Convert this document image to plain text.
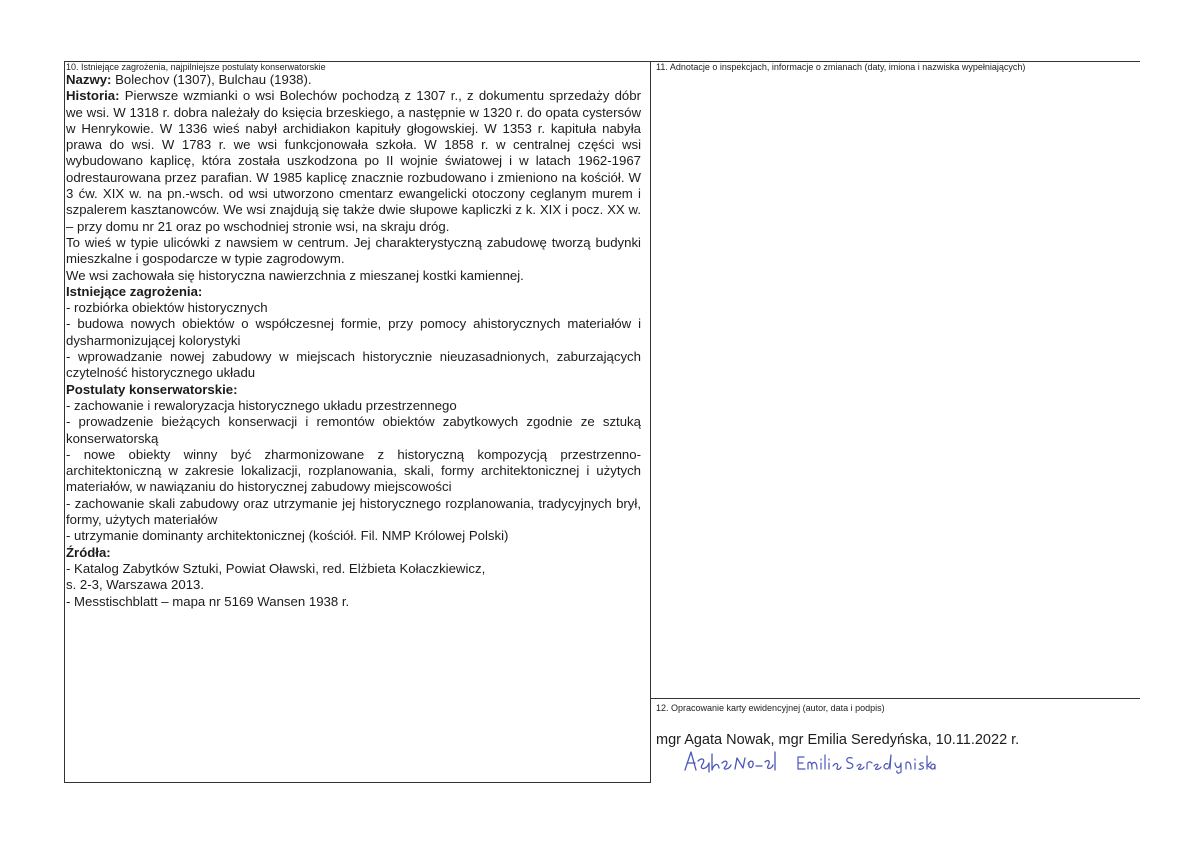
10. Istniejące zagrożenia, najpilniejsze postulaty konserwatorskie	11. Adnotacje o inspekcjach, informacje o zmianach (daty, imiona i nazwiska wypełniających)
12. Opracowanie karty ewidencyjnej (autor, data i podpis)

Nazwy: Bolechov (1307), Bulchau (1938).

Historia: Pierwsze wzmianki o wsi Bolechów pochodzą z 1307 r., z dokumentu sprzedaży dóbr we wsi. W 1318 r. dobra należały do księcia brzeskiego, a następnie w 1320 r. do opata cystersów w Henrykowie. W 1336 wieś nabył archidiakon kapituły głogowskiej. W 1353 r. kapituła nabyła prawa do wsi. W 1783 r. we wsi funkcjonowała szkoła. W 1858 r. w centralnej części wsi wybudowano kaplicę, która została uszkodzona po II wojnie światowej i w latach 1962-1967 odrestaurowana przez parafian. W 1985 kaplicę znacznie rozbudowano i zmieniono na kościół. W 3 ćw. XIX w. na pn.-wsch. od wsi utworzono cmentarz ewangelicki otoczony ceglanym murem i szpalerem kasztanowców. We wsi znajdują się także dwie słupowe kapliczki z k. XIX i pocz. XX w. – przy domu nr 21 oraz po wschodniej stronie wsi, na skraju dróg.

To wieś w typie ulicówki z nawsiem w centrum. Jej charakterystyczną zabudowę tworzą budynki mieszkalne i gospodarcze w typie zagrodowym.

We wsi zachowała się historyczna nawierzchnia z mieszanej kostki kamiennej.

Istniejące zagrożenia:

- rozbiórka obiektów historycznych

- budowa nowych obiektów o współczesnej formie, przy pomocy ahistorycznych materiałów i dysharmonizującej kolorystyki

- wprowadzanie nowej zabudowy w miejscach historycznie nieuzasadnionych, zaburzających czytelność historycznego układu

Postulaty konserwatorskie:

- zachowanie i rewaloryzacja historycznego układu przestrzennego

- prowadzenie bieżących konserwacji i remontów obiektów zabytkowych zgodnie ze sztuką konserwatorską

- nowe obiekty winny być zharmonizowane z historyczną kompozycją przestrzenno-architektoniczną w zakresie lokalizacji, rozplanowania, skali, formy architektonicznej i użytych materiałów, w nawiązaniu do historycznej zabudowy miejscowości

- zachowanie skali zabudowy oraz utrzymanie jej historycznego rozplanowania, tradycyjnych brył, formy, użytych materiałów

- utrzymanie dominanty architektonicznej (kościół. Fil. NMP Królowej Polski)

Źródła:

- Katalog Zabytków Sztuki, Powiat Oławski, red. Elżbieta Kołaczkiewicz,

s. 2-3, Warszawa 2013.

- Messtischblatt – mapa nr 5169 Wansen 1938 r.

mgr Agata Nowak, mgr Emilia Seredyńska, 10.11.2022 r.
